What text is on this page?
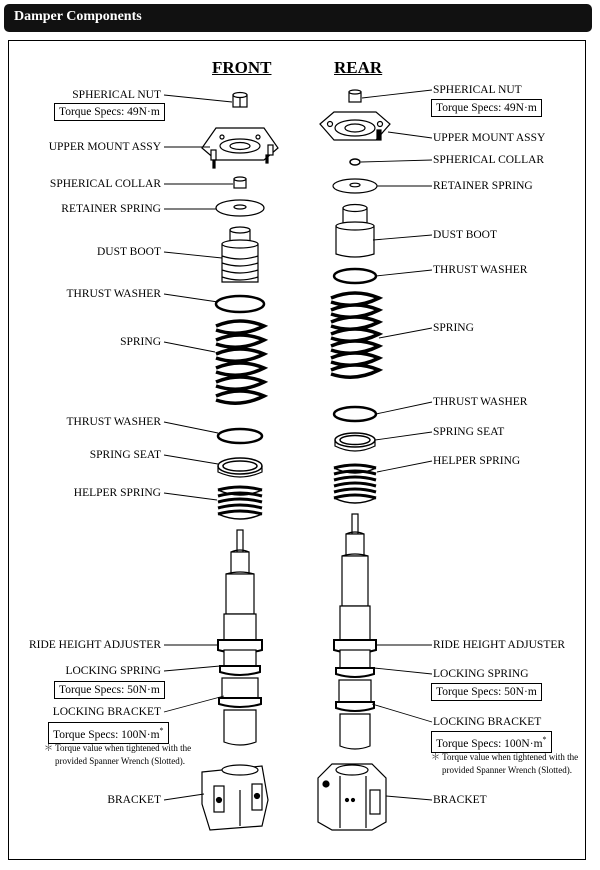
Damper Components
FRONT	REAR
SPHERICAL NUT
Torque Specs: 49N·m
UPPER MOUNT ASSY
SPHERICAL COLLAR
RETAINER SPRING
DUST BOOT
THRUST WASHER
SPRING
THRUST WASHER
SPRING SEAT
HELPER SPRING
RIDE HEIGHT ADJUSTER
LOCKING SPRING
Torque Specs: 50N·m
LOCKING BRACKET
Torque Specs: 100N·m*
＊ Torque value when tightened with the
provided Spanner Wrench (Slotted).
BRACKET
SPHERICAL NUT
Torque Specs: 49N·m
UPPER MOUNT ASSY
SPHERICAL COLLAR
RETAINER SPRING
DUST BOOT
THRUST WASHER
SPRING
THRUST WASHER
SPRING SEAT
HELPER SPRING
RIDE HEIGHT ADJUSTER
LOCKING SPRING
Torque Specs: 50N·m
LOCKING BRACKET
Torque Specs: 100N·m*
＊ Torque value when tightened with the
provided Spanner Wrench (Slotted).
BRACKET
